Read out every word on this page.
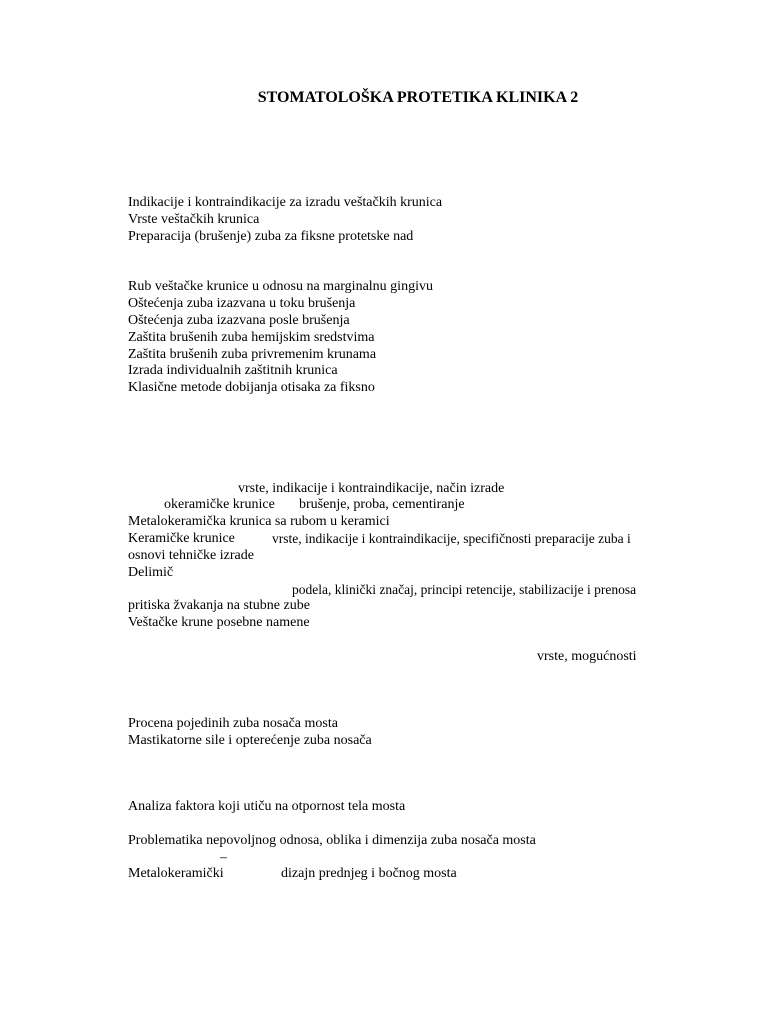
STOMATOLOŠKA PROTETIKA KLINIKA 2
Indikacije i kontraindikacije za izradu veštačkih krunica
Vrste veštačkih krunica
Preparacija (brušenje) zuba za fiksne protetske nad
Rub veštačke krunice u odnosu na marginalnu gingivu
Oštećenja zuba izazvana u toku brušenja
Oštećenja zuba izazvana posle brušenja
Zaštita brušenih zuba hemijskim sredstvima
Zaštita brušenih zuba privremenim krunama
Izrada individualnih zaštitnih krunica
Klasične metode dobijanja otisaka za fiksno
vrste, indikacije i kontraindikacije, način izrade
okeramičke krunice brušenje, proba, cementiranje
Metalokeramička krunica sa rubom u keramici
Keramičke krunice	vrste, indikacije i kontraindikacije, specifičnosti preparacije zuba i
osnovi tehničke izrade
Delimič
podela, klinički značaj, principi retencije, stabilizacije i prenosa
pritiska žvakanja na stubne zube
Veštačke krune posebne namene
vrste, mogućnosti
Procena pojedinih zuba nosača mosta
Mastikatorne sile i opterećenje zuba nosača
Analiza faktora koji utiču na otpornost tela mosta
Problematika nepovoljnog odnosa, oblika i dimenzija zuba nosača mosta
–
Metalokeramički	dizajn prednjeg i bočnog mosta
